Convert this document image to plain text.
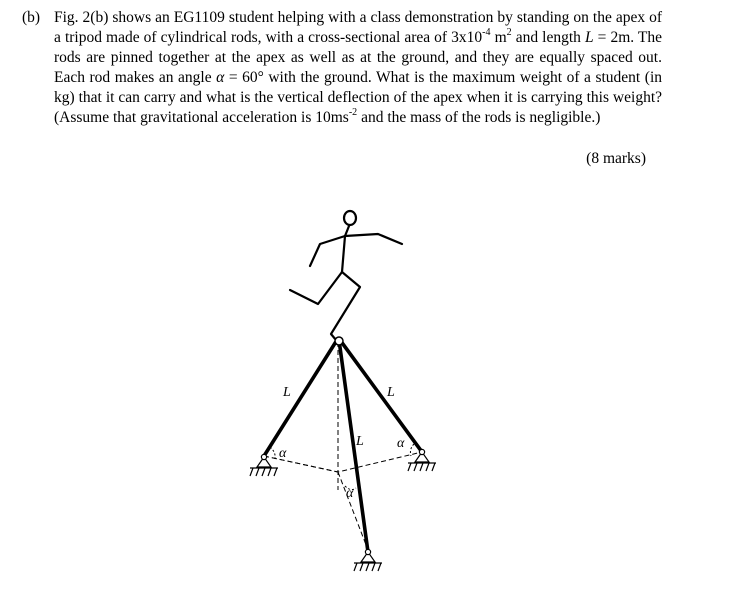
(b) Fig. 2(b) shows an EG1109 student helping with a class demonstration by standing on the apex of a tripod made of cylindrical rods, with a cross-sectional area of $3x10^{-4}$ $m^2$ and length L = 2m. The rods are pinned together at the apex as well as at the ground, and they are equally spaced out. Each rod makes an angle α = 60° with the ground. What is the maximum weight of a student (in kg) that it can carry and what is the vertical deflection of the apex when it is carrying this weight? (Assume that gravitational acceleration is $10ms^{-2}$ and the mass of the rods is negligible.)
(8 marks)
L	L
L
α
α
α
